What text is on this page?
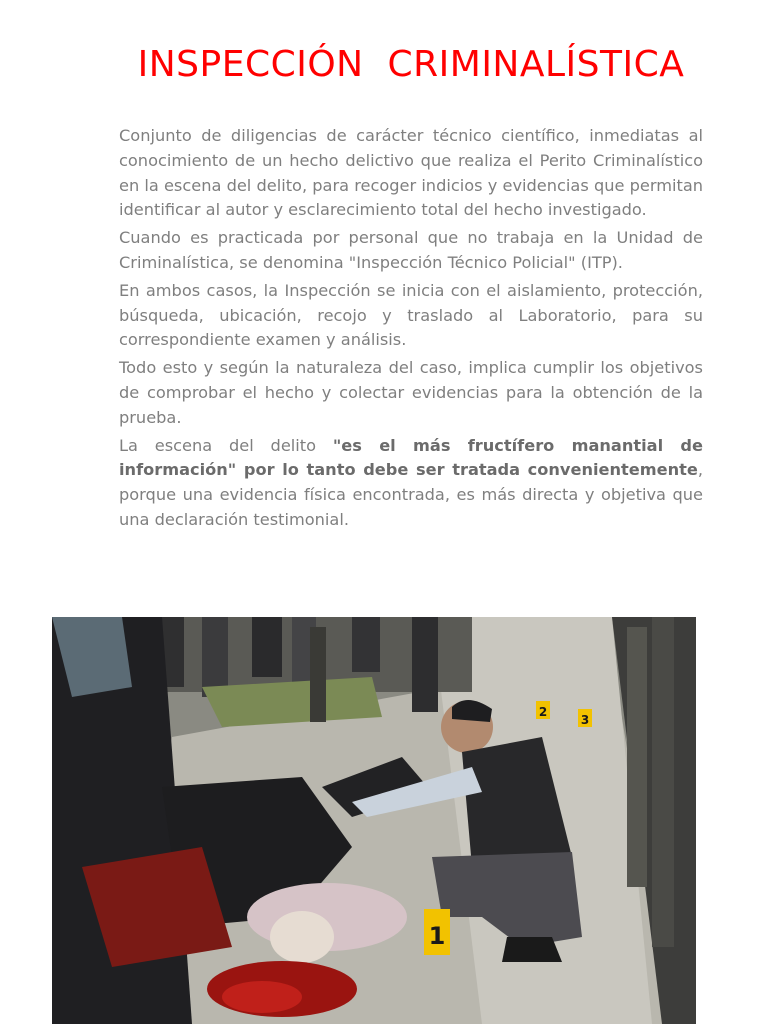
INSPECCIÓN  CRIMINALÍSTICA

Conjunto de diligencias de carácter técnico científico, inmediatas al conocimiento de un hecho delictivo que realiza el Perito Criminalístico en la escena del delito, para recoger indicios y evidencias que permitan identificar al autor y esclarecimiento total del hecho investigado.

Cuando es practicada por personal que no trabaja en la Unidad de Criminalística, se denomina "Inspección Técnico Policial" (ITP).

En ambos casos, la Inspección se inicia con el aislamiento, protección, búsqueda, ubicación, recojo y traslado al Laboratorio, para su correspondiente examen y análisis.

Todo esto y según la naturaleza del caso, implica cumplir los objetivos de comprobar el hecho y colectar evidencias para la obtención de la prueba.

La escena del delito "es el más fructífero manantial de información" por lo tanto debe ser tratada convenientemente, porque una evidencia física encontrada, es más directa y objetiva que una declaración testimonial.

1
2
3
